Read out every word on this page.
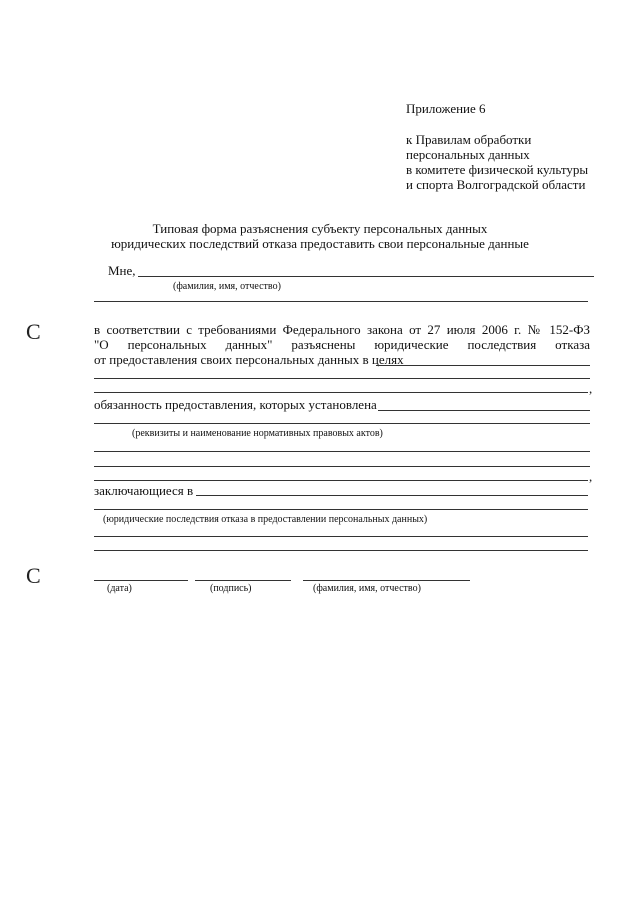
Приложение 6
к Правилам обработки
персональных данных
в комитете физической культуры
и спорта Волгоградской области
Типовая форма разъяснения субъекту персональных данных
юридических последствий отказа предоставить свои персональные данные
Мне,
(фамилия, имя, отчество)
C	в соответствии с требованиями Федерального закона от 27 июля 2006 г. № 152-ФЗ
"О персональных данных" разъяснены юридические последствия отказа
от предоставления своих персональных данных в целях
,
обязанность предоставления, которых установлена
(реквизиты и наименование нормативных правовых актов)
,
заключающиеся в
(юридические последствия отказа в предоставлении персональных данных)
C
(дата)	(подпись)	(фамилия, имя, отчество)
